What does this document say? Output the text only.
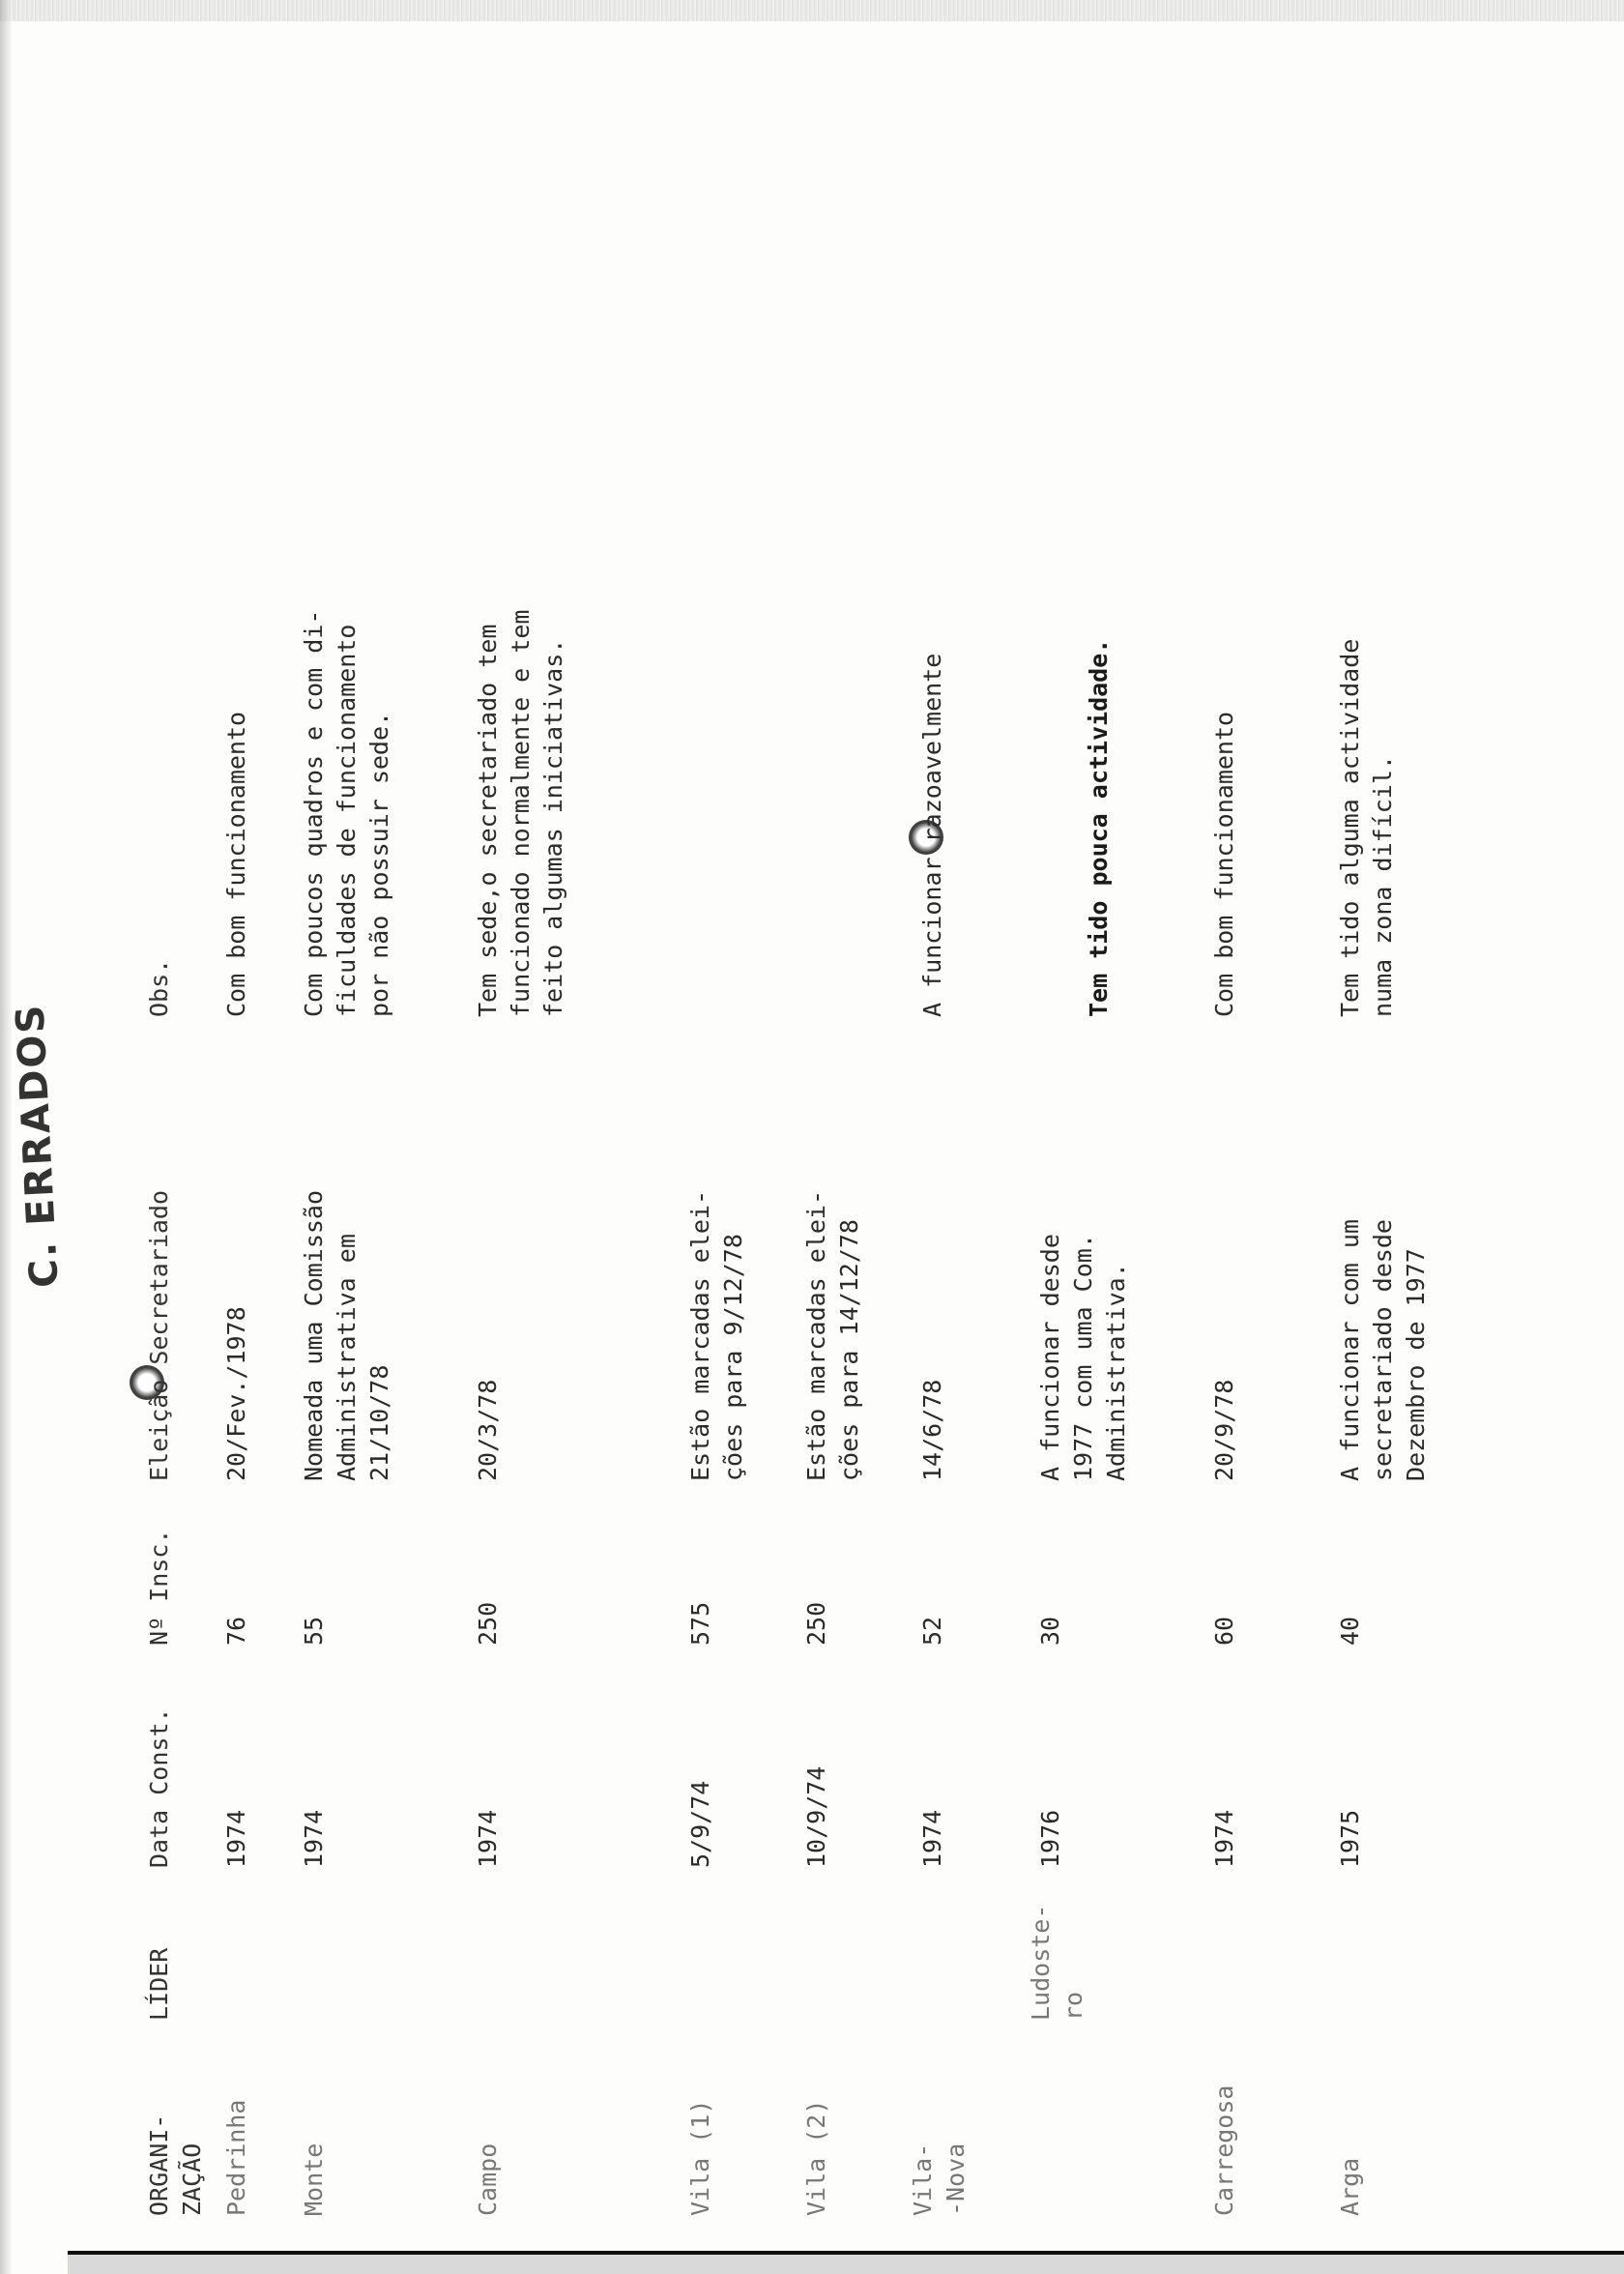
C. ERRADOS
ORGANI-
ZAÇÃO
LÍDER
Data Const.
Nº Insc.
Eleição Secretariado
Obs.
Pedrinha
1974
76
20/Fev./1978
Com bom funcionamento
Monte
1974
55
Nomeada uma Comissão
Administrativa em
21/10/78
Com poucos quadros e com di-
ficuldades de funcionamento
por não possuir sede.
Campo
1974
250
20/3/78
Tem sede,o secretariado tem
funcionado normalmente e tem
feito algumas iniciativas.
Vila (1)
5/9/74
575
Estão marcadas elei-
ções para 9/12/78
Vila (2)
10/9/74
250
Estão marcadas elei-
ções para 14/12/78
Vila-
-Nova
1974
52
14/6/78
A funcionar razoavelmente
Ludoste-
ro
1976
30
A funcionar desde
1977 com uma Com.
Administrativa.
Tem tido pouca actividade.
Carregosa
1974
60
20/9/78
Com bom funcionamento
Arga
1975
40
A funcionar com um
secretariado desde
Dezembro de 1977
Tem tido alguma actividade
numa zona difícil.
